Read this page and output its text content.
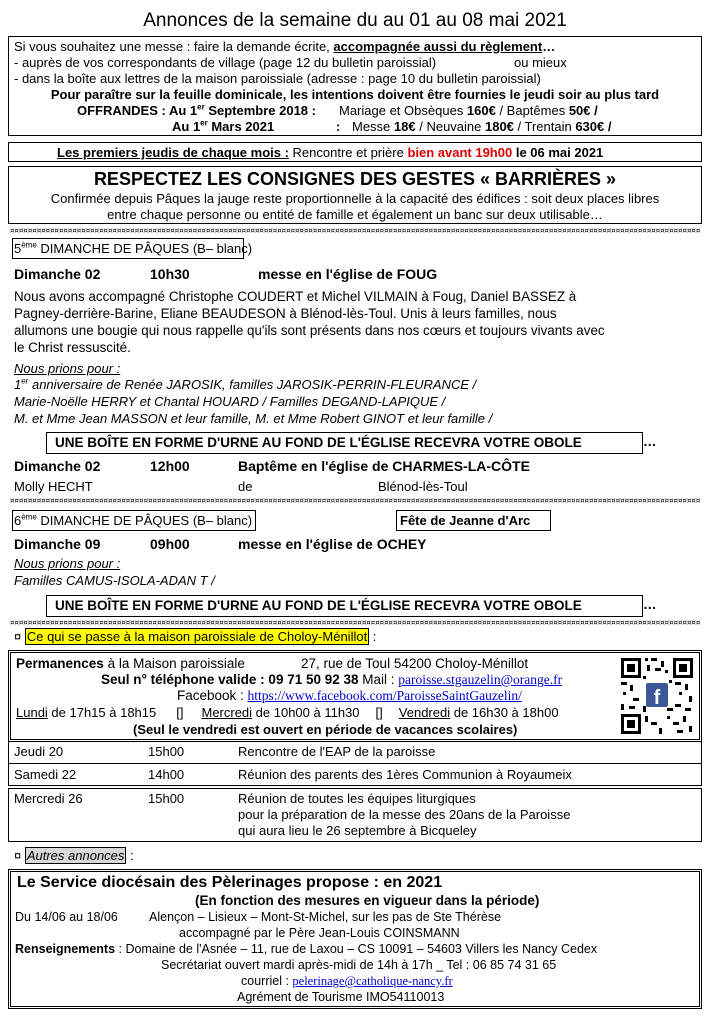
Annonces de la semaine du au 01 au 08 mai 2021
Si vous souhaitez une messe : faire la demande écrite, accompagnée aussi du règlement…
- auprès de vos correspondants de village (page 12 du bulletin paroissial)	ou mieux
- dans la boîte aux lettres de la maison paroissiale (adresse : page 10 du bulletin paroissial)
Pour paraître sur la feuille dominicale, les intentions doivent être fournies le jeudi soir au plus tard
OFFRANDES : Au 1er Septembre 2018 : Mariage et Obsèques 160€ / Baptêmes 50€ /
Au 1er Mars 2021	: Messe 18€ / Neuvaine 180€ / Trentain 630€ /
Les premiers jeudis de chaque mois : Rencontre et prière bien avant 19h00 le 06 mai 2021
RESPECTEZ LES CONSIGNES DES GESTES « BARRIÈRES »
Confirmée depuis Pâques la jauge reste proportionnelle à la capacité des édifices : soit deux places libres
entre chaque personne ou entité de famille et également un banc sur deux utilisable…
¤¤¤¤¤¤¤¤¤¤¤¤¤¤¤¤¤¤¤¤¤¤¤¤¤¤¤¤¤¤¤¤¤¤¤¤¤¤¤¤¤¤¤¤¤¤¤¤¤¤¤¤¤¤¤¤¤¤¤¤¤¤¤¤¤¤¤¤¤¤¤¤¤¤¤¤¤¤¤¤¤¤¤¤¤¤¤¤¤¤¤¤¤¤¤¤¤¤¤¤¤¤¤¤¤¤¤¤¤¤¤¤¤¤¤¤¤¤¤¤¤¤¤¤¤¤¤¤¤¤¤¤¤¤¤¤¤¤¤¤¤¤¤¤¤¤¤¤¤¤¤¤¤¤¤¤¤¤¤¤¤¤
5ème DIMANCHE DE PÂQUES (B– blanc)
Dimanche 02	10h30	messe en l'église de FOUG
Nous avons accompagné Christophe COUDERT et Michel VILMAIN à Foug, Daniel BASSEZ à
Pagney-derrière-Barine, Eliane BEAUDESON à Blénod-lès-Toul. Unis à leurs familles, nous
allumons une bougie qui nous rappelle qu'ils sont présents dans nos cœurs et toujours vivants avec
le Christ ressuscité.
Nous prions pour :
1er anniversaire de Renée JAROSIK, familles JAROSIK-PERRIN-FLEURANCE /
Marie-Noëlle HERRY et Chantal HOUARD / Familles DEGAND-LAPIQUE /
M. et Mme Jean MASSON et leur famille, M. et Mme Robert GINOT et leur famille /
UNE BOÎTE EN FORME D'URNE AU FOND DE L'ÉGLISE RECEVRA VOTRE OBOLE	…
Dimanche 02	12h00	Baptême en l'église de CHARMES-LA-CÔTE
Molly HECHT	de	Blénod-lès-Toul
¤¤¤¤¤¤¤¤¤¤¤¤¤¤¤¤¤¤¤¤¤¤¤¤¤¤¤¤¤¤¤¤¤¤¤¤¤¤¤¤¤¤¤¤¤¤¤¤¤¤¤¤¤¤¤¤¤¤¤¤¤¤¤¤¤¤¤¤¤¤¤¤¤¤¤¤¤¤¤¤¤¤¤¤¤¤¤¤¤¤¤¤¤¤¤¤¤¤¤¤¤¤¤¤¤¤¤¤¤¤¤¤¤¤¤¤¤¤¤¤¤¤¤¤¤¤¤¤¤¤¤¤¤¤¤¤¤¤¤¤¤¤¤¤¤¤¤¤¤¤¤¤¤¤¤¤¤¤¤¤¤¤
6ème DIMANCHE DE PÂQUES (B– blanc)	Fête de Jeanne d'Arc
Dimanche 09	09h00	messe en l'église de OCHEY
Nous prions pour :
Familles CAMUS-ISOLA-ADAN T /
UNE BOÎTE EN FORME D'URNE AU FOND DE L'ÉGLISE RECEVRA VOTRE OBOLE	…
¤¤¤¤¤¤¤¤¤¤¤¤¤¤¤¤¤¤¤¤¤¤¤¤¤¤¤¤¤¤¤¤¤¤¤¤¤¤¤¤¤¤¤¤¤¤¤¤¤¤¤¤¤¤¤¤¤¤¤¤¤¤¤¤¤¤¤¤¤¤¤¤¤¤¤¤¤¤¤¤¤¤¤¤¤¤¤¤¤¤¤¤¤¤¤¤¤¤¤¤¤¤¤¤¤¤¤¤¤¤¤¤¤¤¤¤¤¤¤¤¤¤¤¤¤¤¤¤¤¤¤¤¤¤¤¤¤¤¤¤¤¤¤¤¤¤¤¤¤¤¤¤¤¤¤¤¤¤¤¤¤¤
¤ Ce qui se passe à la maison paroissiale de Choloy-Ménillot :
Permanences à la Maison paroissiale	27, rue de Toul 54200 Choloy-Ménillot
Seul n° téléphone valide : 09 71 50 92 38 Mail : paroisse.stgauzelin@orange.fr
Facebook : https://www.facebook.com/ParoisseSaintGauzelin/
Lundi de 17h15 à 18h15 [] Mercredi de 10h00 à 11h30 [] Vendredi de 16h30 à 18h00
(Seul le vendredi est ouvert en période de vacances scolaires)
f
Jeudi 20	15h00	Rencontre de l'EAP de la paroisse
Samedi 22	14h00	Réunion des parents des 1ères Communion à Royaumeix
Mercredi 26	15h00	Réunion de toutes les équipes liturgiques
pour la préparation de la messe des 20ans de la Paroisse
qui aura lieu le 26 septembre à Bicqueley
¤ Autres annonces :
Le Service diocésain des Pèlerinages propose : en 2021
(En fonction des mesures en vigueur dans la période)
Du 14/06 au 18/06 Alençon – Lisieux – Mont-St-Michel, sur les pas de Ste Thérèse
accompagné par le Père Jean-Louis COINSMANN
Renseignements : Domaine de l'Asnée – 11, rue de Laxou – CS 10091 – 54603 Villers les Nancy Cedex
Secrétariat ouvert mardi après-midi de 14h à 17h _ Tel : 06 85 74 31 65
courriel : pelerinage@catholique-nancy.fr
Agrément de Tourisme IMO54110013
